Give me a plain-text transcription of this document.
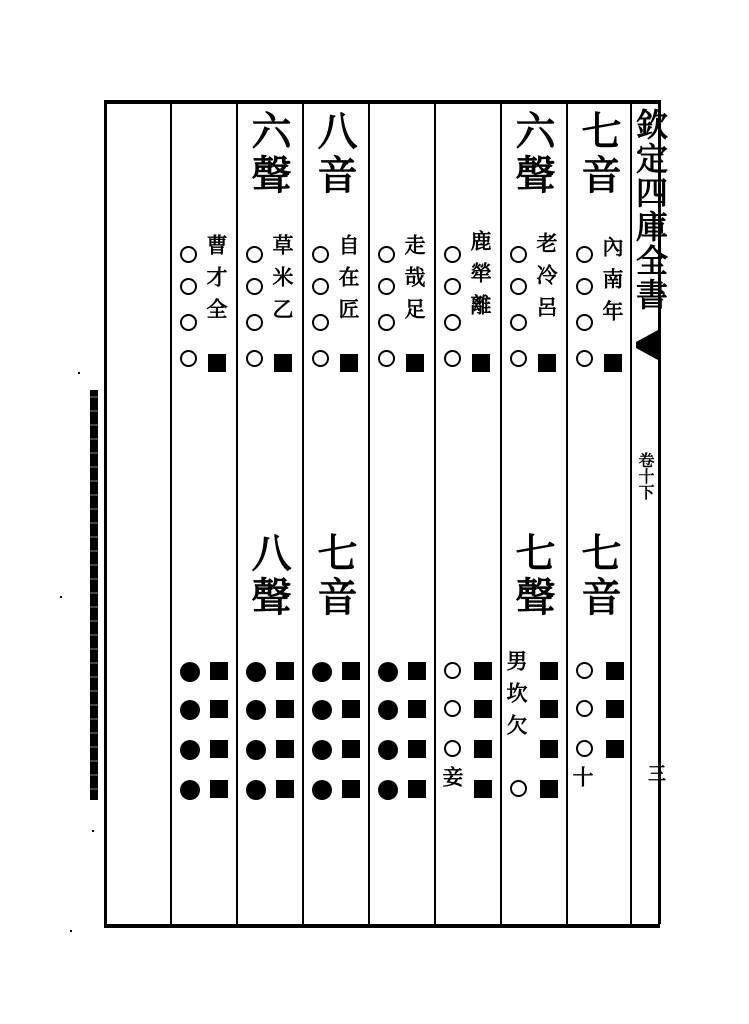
欽定四庫全書
卷十下
三
七音
內南年
七音
十
六聲
老冷呂
七聲
男坎欠
鹿犖離
妾
走哉足
八音
自在匠
七音
六聲
草米乙
八聲
曹才全
